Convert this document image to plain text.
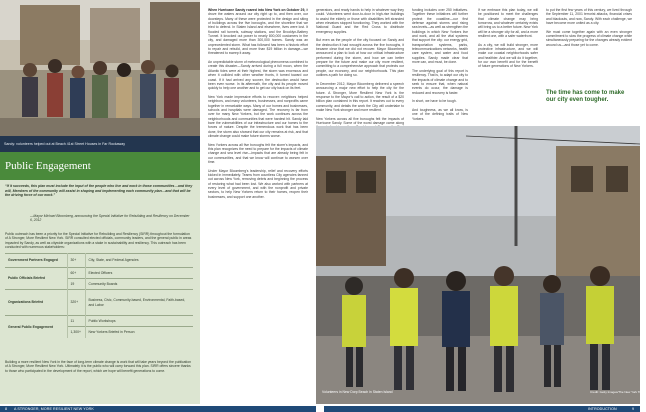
Sandy: volunteers helped out at Beach 41st Street Houses in Far Rockaway
Public Engagement
“If it succeeds, this plan must include the input of the people who live and work in those communities—and they will, Members of the community will assist in shaping and implementing each community plan—and that will be the driving force of our work.”
—Mayor Michael Bloomberg, announcing the Special Initiative for Rebuilding and Resiliency on December 6, 2012
Public outreach has been a priority for the Special Initiative for Rebuilding and Resiliency (SIRR) throughout the formulation of A Stronger, More Resilient New York. SIRR consulted elected officials, community leaders, and the general public in areas impacted by Sandy, as well as citywide organizations with a stake in sustainability and resiliency. This outreach has been conducted with numerous stakeholders:
Government Partners Engaged	30+	City, State, and Federal Agencies
Public Officials Briefed	60+	Elected Officers
	19	Community Boards
Organizations Briefed	320+	Business, Civic, Community-based, Environmental, Faith-based, and Labor
General Public Engagement	11	Public Workshops
	1,300+	New Yorkers Briefed in Person
Building a more resilient New York in the face of long-term climate change is work that will take years beyond the publication of A Stronger, More Resilient New York. Ultimately it is the public who will carry forward this plan. SIRR offers sincere thanks to those who participated in the development of the report, which we hope will benefit generations to come.

When Hurricane Sandy roared into New York on October 29, it drove the waters around our city right up to, and then over, our doorsteps. Many of these were protected in the design and siting of buildings across the five boroughs, and the shoreline that we tried to defend. In Staten Island and elsewhere, lives were lost. It flooded rail tunnels, subway stations, and the Brooklyn-Battery Tunnel. It knocked out power to nearly 800,000 customers in the city, and damaged more than 300,000 homes. Sandy was an unprecedented storm. What has followed has been a historic effort to repair and rebuild, and more than $19 billion in damage—we threatened to sweep it away.

An unpredictable storm of meteorological phenomena combined to create this disaster—Sandy arrived during a full moon, when the Atlantic tides were at their highest, the storm was enormous and when it collided with other weather fronts, it turned toward our coast. If it had arrived any sooner, the destruction would have been even worse. In its aftermath, the city and its people moved quickly to help one another and to get our city back on its feet.

New York made impressive efforts to recover: neighbors helped neighbors, and many volunteers, businesses, and nonprofits came together in remarkable ways. Many of our homes and businesses, schools and hospitals were damaged. The recovery is far from over for many New Yorkers, but the work continues across the neighborhoods and communities that were hardest hit. Sandy laid bare the vulnerabilities of our infrastructure and our homes to the forces of nature. Despite the tremendous work that has been done, the storm also showed that our city remains at risk, and that climate change could make future storms worse.

New Yorkers across all five boroughs felt the storm’s impacts, and this plan recognizes the need to prepare for the impacts of climate change and sea level rise—impacts that are already being felt in our communities, and that we know will continue to worsen over time.

Under Mayor Bloomberg’s leadership, relief and recovery efforts kicked in immediately. Teams from countless City agencies fanned out across New York, removing debris and beginning the process of restoring what had been lost. We also worked with partners at every level of government, and with the nonprofit and private sectors, to help New Yorkers return to their homes, reopen their businesses, and support one another.

generators, and ready hands to help in whatever way they could. Volunteers went door-to-door in high-rise buildings to assist the elderly or those with disabilities left stranded when elevators stopped functioning. They worked with the National Guard and the Red Cross to distribute emergency supplies.

But even as the people of the city focused on Sandy and the destruction it had wrought across the five boroughs, it became clear that we did not recover. Mayor Bloomberg announced a plan to look at how our critical infrastructure performed during the storm, and how we can better prepare for the future and make our city more resilient, committing to a comprehensive approach that protects our people, our economy, and our neighborhoods. This plan outlines a path for doing so.

In December 2012, Mayor Bloomberg delivered a speech announcing a major new effort to help the city for the future. A Stronger, More Resilient New York is the response to the Mayor’s call to action, the result of a $20 billion plan contained in this report. It reaches out to every community, and details the work the City will undertake to make New York stronger and more resilient.

New Yorkers across all five boroughs felt the impacts of Hurricane Sandy. Some of the worst damage came along

funding includes over 250 initiatives. Together these initiatives will further protect the coastline—our first defense against storms and rising sea levels—as well as strengthen the buildings in which New Yorkers live and work, and all the vital systems that support the city: our energy grid, transportation systems, parks, telecommunications networks, health care system, and water and food supplies. Sandy made clear that more can, and must, be done.

The underlying goal of this report is resiliency. That is, to adapt our city to the impacts of climate change and to seek to ensure that, when natural events do occur, the damage is reduced and recovery is faster.

In short, we have to be tough.

And toughness, as we all know, is one of the defining traits of New Yorkers.

If we embrace this plan today, we will be positioned to meet the challenges that climate change may bring tomorrow, and whatever certainty exists will bring us to a better future. New York will be a stronger city for all, and a more resilient one, with a safer waterfront.

As a city, we will build stronger, more protective infrastructure, and we will make our coastal neighborhoods safer and healthier. And we will do it together, for our own benefit and for the benefit of future generations of New Yorkers.

to put the first few years of this century, we lived through the September 11, 2001 terrorist attacks, financial crises and blackouts, and now, Sandy. With each challenge, we have become more united as a city.

We must come together again with an even stronger commitment to slow the progress of climate change while simultaneously preparing for the changes already evident around us—and those yet to come.

The time has come to make our city even tougher.
Volunteers in New Dorp Beach in Staten Island	Credit: Getty Images/The New York Times
8 A STRONGER, MORE RESILIENT NEW YORK	INTRODUCTION	9
